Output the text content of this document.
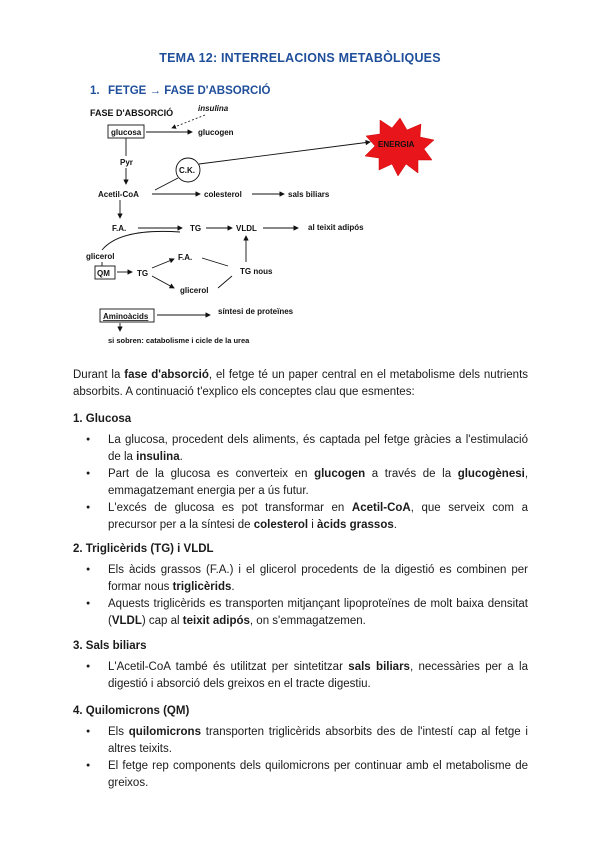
TEMA 12: INTERRELACIONS METABÒLIQUES
1. FETGE → FASE D'ABSORCIÓ
FASE D'ABSORCIÓ	insulina
glucosa	glucogen
ENERGIA
Pyr
C.K.
Acetil-CoA	colesterol	sals biliars
F.A.	TG	VLDL	al teixit adipós
glicerol
QM	TG
F.A.
glicerol
TG nous
Aminoàcids
síntesi de proteïnes
si sobren: catabolisme i cicle de la urea
Durant la fase d'absorció, el fetge té un paper central en el metabolisme dels nutrients absorbits. A continuació t'explico els conceptes clau que esmentes:
1. Glucosa
● La glucosa, procedent dels aliments, és captada pel fetge gràcies a l'estimulació de la insulina.
● Part de la glucosa es converteix en glucogen a través de la glucogènesi, emmagatzemant energia per a ús futur.
● L'excés de glucosa es pot transformar en Acetil-CoA, que serveix com a precursor per a la síntesi de colesterol i àcids grassos.
2. Triglicèrids (TG) i VLDL
● Els àcids grassos (F.A.) i el glicerol procedents de la digestió es combinen per formar nous triglicèrids.
● Aquests triglicèrids es transporten mitjançant lipoproteïnes de molt baixa densitat (VLDL) cap al teixit adipós, on s'emmagatzemen.
3. Sals biliars
● L'Acetil-CoA també és utilitzat per sintetitzar sals biliars, necessàries per a la digestió i absorció dels greixos en el tracte digestiu.
4. Quilomicrons (QM)
● Els quilomicrons transporten triglicèrids absorbits des de l'intestí cap al fetge i altres teixits.
● El fetge rep components dels quilomicrons per continuar amb el metabolisme de greixos.
